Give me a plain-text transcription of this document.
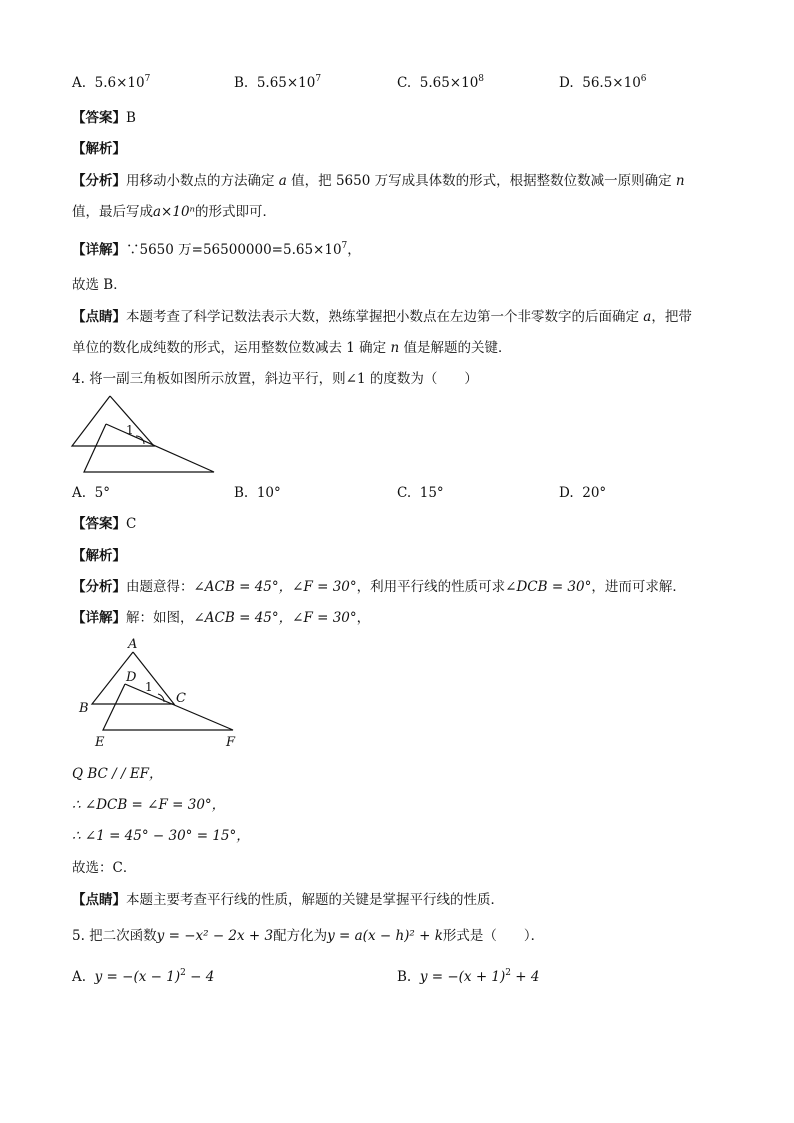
A. $5.6\times 10^7$	B. $5.65\times 10^7$	C. $5.65\times 10^8$	D. $56.5\times 10^6$
【答案】B
【解析】
【分析】用移动小数点的方法确定 a 值，把 5650 万写成具体数的形式，根据整数位数减一原则确定 n
值，最后写成a×10ⁿ的形式即可．
【详解】∵5650 万$=56500000=5.65\times 10^7$，
故选 B．
【点睛】本题考查了科学记数法表示大数，熟练掌握把小数点在左边第一个非零数字的后面确定 a，把带
单位的数化成纯数的形式，运用整数位数减去 1 确定 n 值是解题的关键．
4. 将一副三角板如图所示放置，斜边平行，则∠1 的度数为（　　）
1
A. 5°	B. 10°	C. 15°	D. 20°
【答案】C
【解析】
【分析】由题意得：∠ACB = 45°，∠F = 30°，利用平行线的性质可求∠DCB = 30°，进而可求解．
【详解】解：如图，∠ACB = 45°，∠F = 30°，
A
B
C
D
1
E	F
Q BC / / EF，
∴ ∠DCB = ∠F = 30°，
∴ ∠1 = 45° − 30° = 15°，
故选：C．
【点睛】本题主要考查平行线的性质，解题的关键是掌握平行线的性质．
5. 把二次函数y = −x² − 2x + 3配方化为y = a(x − h)² + k形式是（　　）．
A. $y = -(x - 1)^2 - 4$	B. $y = -(x + 1)^2 + 4$
